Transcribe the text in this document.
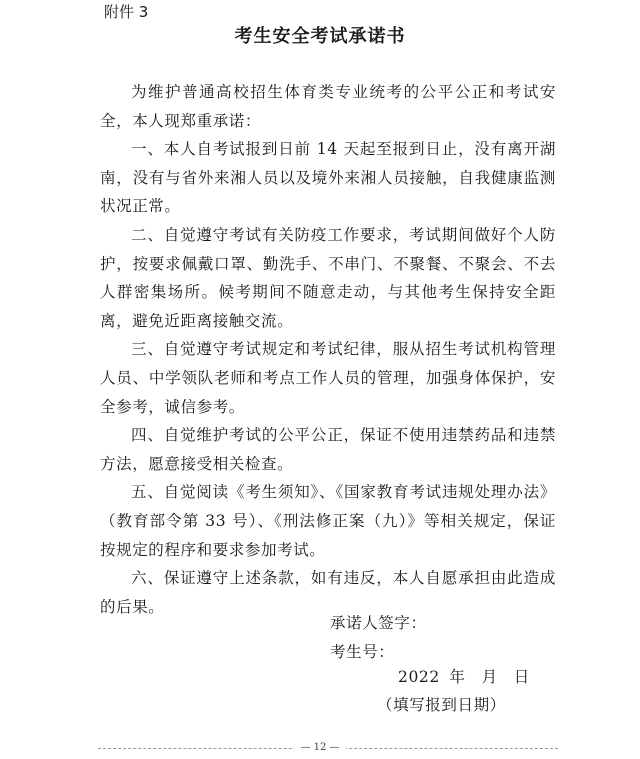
附件 3
考生安全考试承诺书

为维护普通高校招生体育类专业统考的公平公正和考试安全，本人现郑重承诺：

一、本人自考试报到日前 14 天起至报到日止，没有离开湖南，没有与省外来湘人员以及境外来湘人员接触，自我健康监测状况正常。

二、自觉遵守考试有关防疫工作要求，考试期间做好个人防护，按要求佩戴口罩、勤洗手、不串门、不聚餐、不聚会、不去人群密集场所。候考期间不随意走动，与其他考生保持安全距离，避免近距离接触交流。

三、自觉遵守考试规定和考试纪律，服从招生考试机构管理人员、中学领队老师和考点工作人员的管理，加强身体保护，安全参考，诚信参考。

四、自觉维护考试的公平公正，保证不使用违禁药品和违禁方法，愿意接受相关检查。

五、自觉阅读《考生须知》、《国家教育考试违规处理办法》（教育部令第 33 号）、《刑法修正案（九）》等相关规定，保证按规定的程序和要求参加考试。

六、保证遵守上述条款，如有违反，本人自愿承担由此造成的后果。

承诺人签字：
考生号：
2022 年　月　日
（填写报到日期）
— 12 —
